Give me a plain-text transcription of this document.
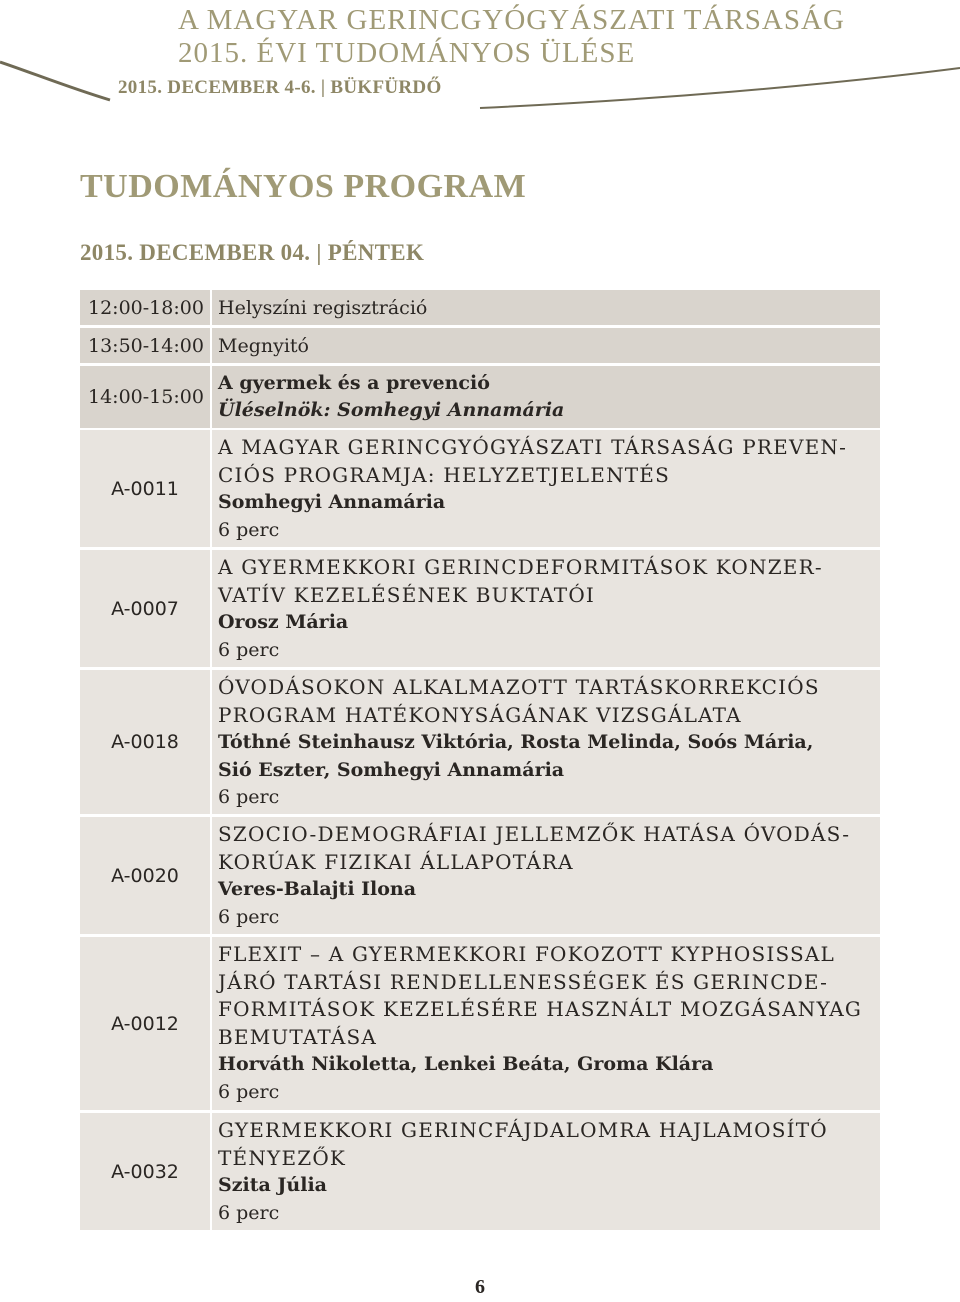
A MAGYAR GERINCGYÓGYÁSZATI TÁRSASÁG
2015. ÉVI TUDOMÁNYOS ÜLÉSE
2015. DECEMBER 4-6. | BÜKFÜRDŐ
TUDOMÁNYOS PROGRAM
2015. DECEMBER 04. | PÉNTEK
12:00-18:00 Helyszíni regisztráció
13:50-14:00 Megnyitó
14:00-15:00
A gyermek és a prevenció
Üléselnök: Somhegyi Annamária
A-0011
A MAGYAR GERINCGYÓGYÁSZATI TÁRSASÁG PREVEN-
CIÓS PROGRAMJA: HELYZETJELENTÉS
Somhegyi Annamária
6 perc
A-0007
A GYERMEKKORI GERINCDEFORMITÁSOK KONZER-
VATÍV KEZELÉSÉNEK BUKTATÓI
Orosz Mária
6 perc
A-0018
ÓVODÁSOKON ALKALMAZOTT TARTÁSKORREKCIÓS
PROGRAM HATÉKONYSÁGÁNAK VIZSGÁLATA
Tóthné Steinhausz Viktória, Rosta Melinda, Soós Mária,
Sió Eszter, Somhegyi Annamária
6 perc
A-0020
SZOCIO-DEMOGRÁFIAI JELLEMZŐK HATÁSA ÓVODÁS-
KORÚAK FIZIKAI ÁLLAPOTÁRA
Veres-Balajti Ilona
6 perc
A-0012
FLEXIT – A GYERMEKKORI FOKOZOTT KYPHOSISSAL
JÁRÓ TARTÁSI RENDELLENESSÉGEK ÉS GERINCDE-
FORMITÁSOK KEZELÉSÉRE HASZNÁLT MOZGÁSANYAG
BEMUTATÁSA
Horváth Nikoletta, Lenkei Beáta, Groma Klára
6 perc
A-0032
GYERMEKKORI GERINCFÁJDALOMRA HAJLAMOSÍTÓ
TÉNYEZŐK
Szita Júlia
6 perc
6
